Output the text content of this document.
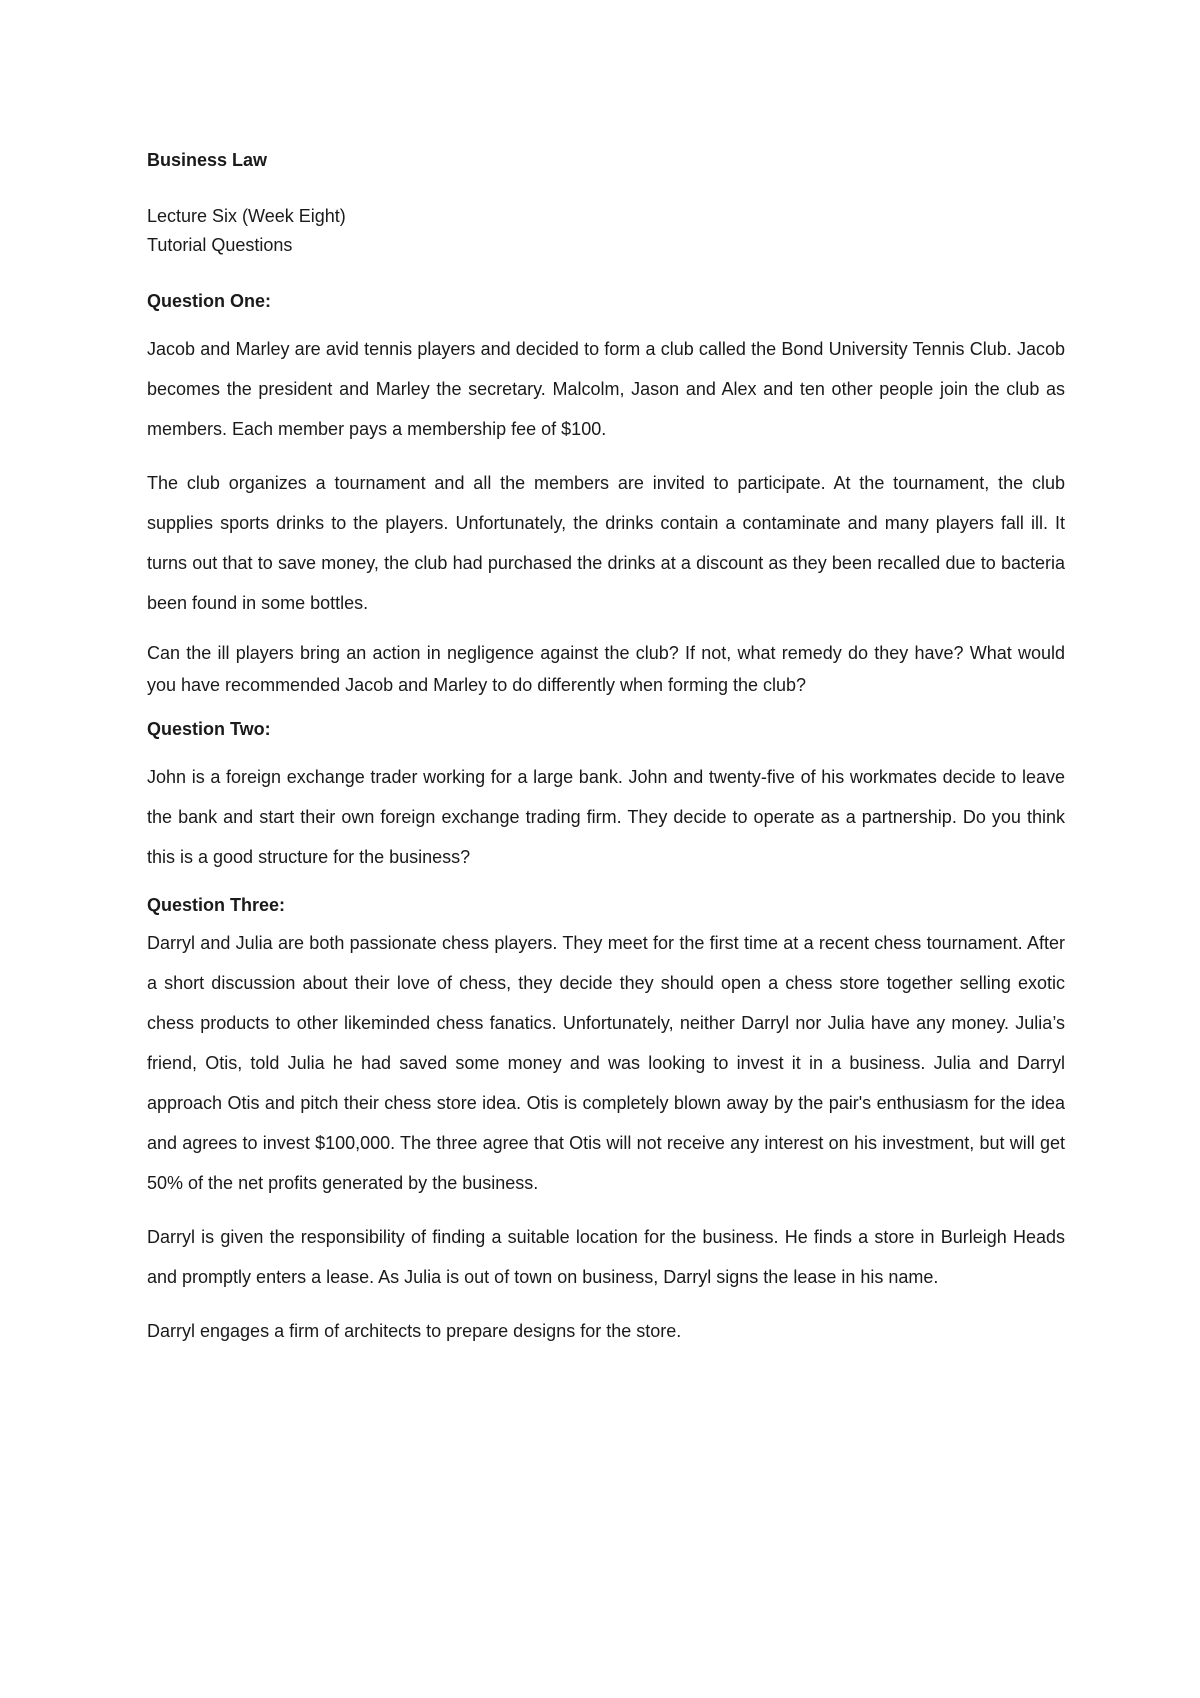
Business Law

Lecture Six (Week Eight)

Tutorial Questions

Question One:

Jacob and Marley are avid tennis players and decided to form a club called the Bond University Tennis Club. Jacob becomes the president and Marley the secretary. Malcolm, Jason and Alex and ten other people join the club as members. Each member pays a membership fee of $100.

The club organizes a tournament and all the members are invited to participate. At the tournament, the club supplies sports drinks to the players. Unfortunately, the drinks contain a contaminate and many players fall ill. It turns out that to save money, the club had purchased the drinks at a discount as they been recalled due to bacteria been found in some bottles.

Can the ill players bring an action in negligence against the club? If not, what remedy do they have? What would you have recommended Jacob and Marley to do differently when forming the club?

Question Two:

John is a foreign exchange trader working for a large bank. John and twenty-five of his workmates decide to leave the bank and start their own foreign exchange trading firm. They decide to operate as a partnership. Do you think this is a good structure for the business?

Question Three:

Darryl and Julia are both passionate chess players. They meet for the first time at a recent chess tournament. After a short discussion about their love of chess, they decide they should open a chess store together selling exotic chess products to other likeminded chess fanatics. Unfortunately, neither Darryl nor Julia have any money. Julia’s friend, Otis, told Julia he had saved some money and was looking to invest it in a business. Julia and Darryl approach Otis and pitch their chess store idea. Otis is completely blown away by the pair's enthusiasm for the idea and agrees to invest $100,000. The three agree that Otis will not receive any interest on his investment, but will get 50% of the net profits generated by the business.

Darryl is given the responsibility of finding a suitable location for the business. He finds a store in Burleigh Heads and promptly enters a lease. As Julia is out of town on business, Darryl signs the lease in his name.

Darryl engages a firm of architects to prepare designs for the store.
